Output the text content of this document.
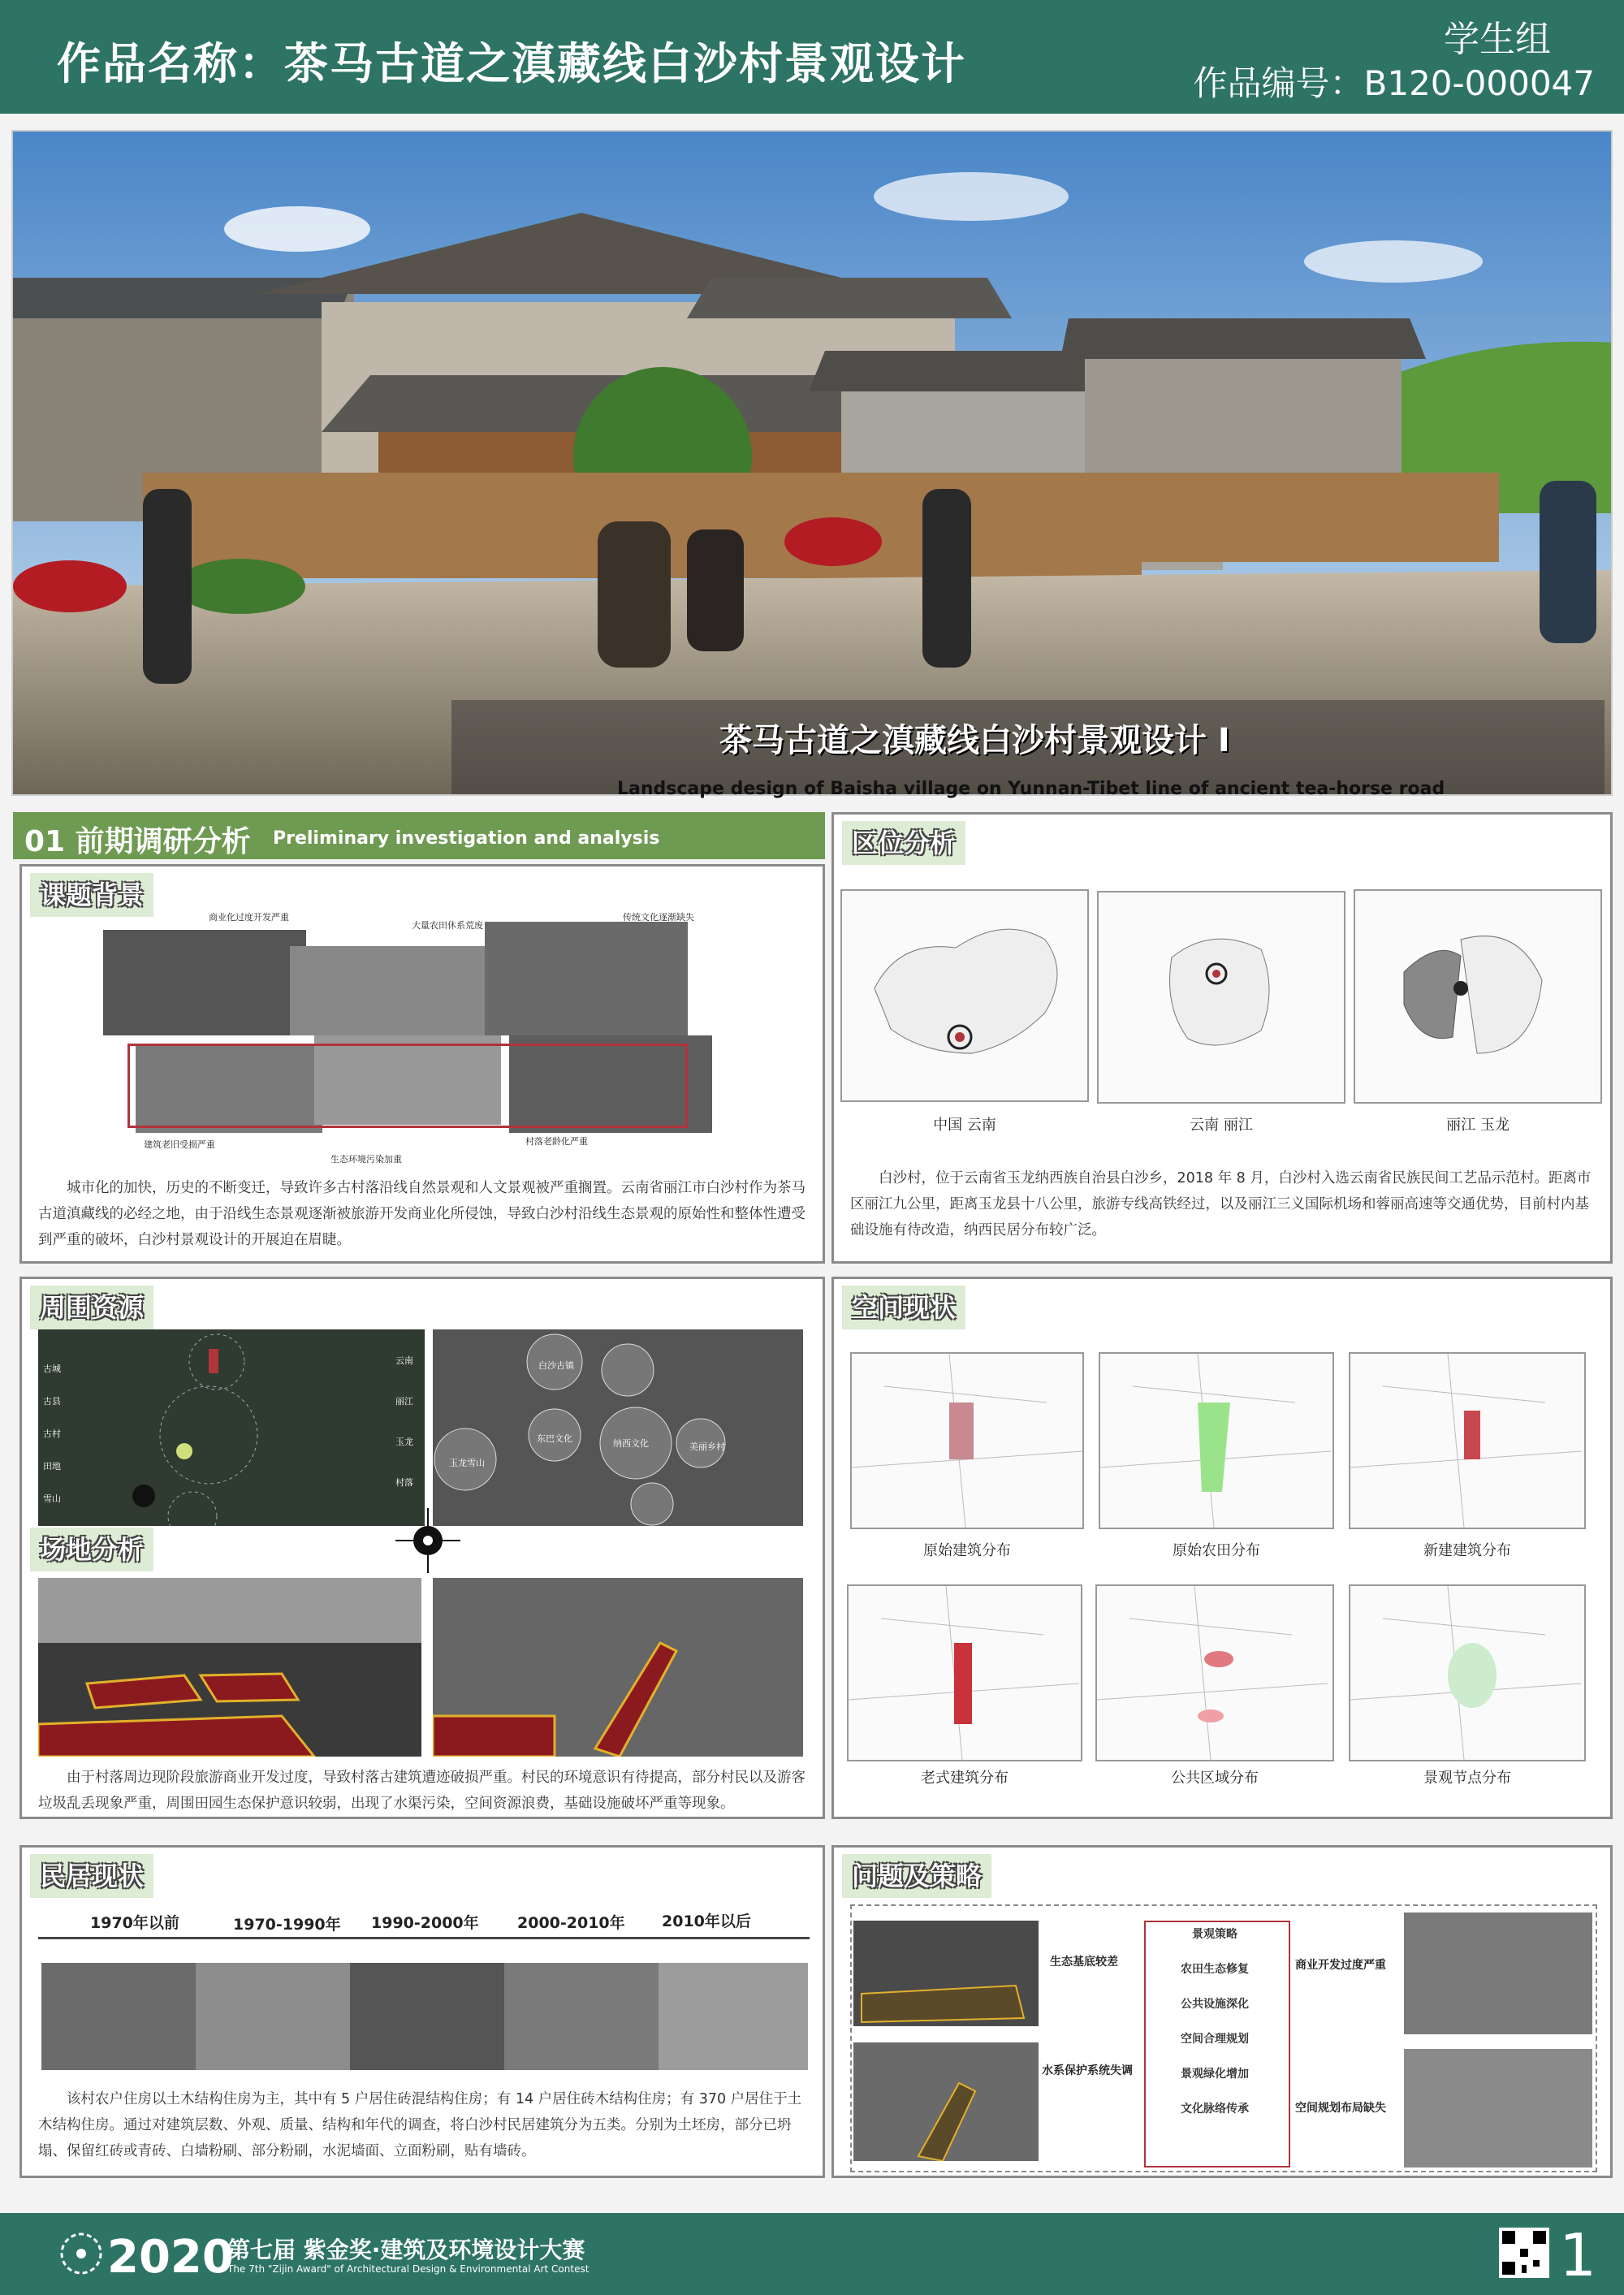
作品名称：茶马古道之滇藏线白沙村景观设计	学生组
作品编号：B120-000047
茶马古道之滇藏线白沙村景观设计 Ⅰ
Landscape design of Baisha village on Yunnan-Tibet line of ancient tea-horse road
01 前期调研分析 Preliminary investigation and analysis
课题背景
商业化过度开发严重
大量农田休系荒废
传统文化逐渐缺失
建筑老旧受损严重
生态环境污染加重
村落老龄化严重
城市化的加快，历史的不断变迁，导致许多古村落沿线自然景观和人文景观被严重搁置。云南省丽江市白沙村作为茶马古道滇藏线的必经之地，由于沿线生态景观逐渐被旅游开发商业化所侵蚀，导致白沙村沿线生态景观的原始性和整体性遭受到严重的破坏，白沙村景观设计的开展迫在眉睫。
区位分析
中国 云南	云南 丽江	丽江 玉龙
白沙村，位于云南省玉龙纳西族自治县白沙乡，2018 年 8 月，白沙村入选云南省民族民间工艺品示范村。距离市区丽江九公里，距离玉龙县十八公里，旅游专线高铁经过，以及丽江三义国际机场和蓉丽高速等交通优势，目前村内基础设施有待改造，纳西民居分布较广泛。
周围资源
古城
古县
古村
田地
雪山
云南
丽江
玉龙
村落
白沙古镇
纳西文化
东巴文化
美丽乡村
玉龙雪山
场地分析
由于村落周边现阶段旅游商业开发过度，导致村落古建筑遭迹破损严重。村民的环境意识有待提高，部分村民以及游客垃圾乱丢现象严重，周围田园生态保护意识较弱，出现了水渠污染，空间资源浪费，基础设施破坏严重等现象。
空间现状
原始建筑分布	原始农田分布	新建建筑分布
老式建筑分布	公共区域分布	景观节点分布
民居现状
1970年以前	1970-1990年 1990-2000年 2000-2010年 2010年以后
该村农户住房以土木结构住房为主，其中有 5 户居住砖混结构住房；有 14 户居住砖木结构住房；有 370 户居住于土木结构住房。通过对建筑层数、外观、质量、结构和年代的调查，将白沙村民居建筑分为五类。分别为土坯房，部分已坍塌、保留红砖或青砖、白墙粉刷、部分粉刷，水泥墙面、立面粉刷，贴有墙砖。
问题及策略
生态基底较差
水系保护系统失调
商业开发过度严重
空间规划布局缺失
景观策略
农田生态修复
公共设施深化
空间合理规划
景观绿化增加
文化脉络传承
2020
第七届 紫金奖·建筑及环境设计大赛
The 7th "Zijin Award" of Architectural Design & Environmental Art Contest	1
